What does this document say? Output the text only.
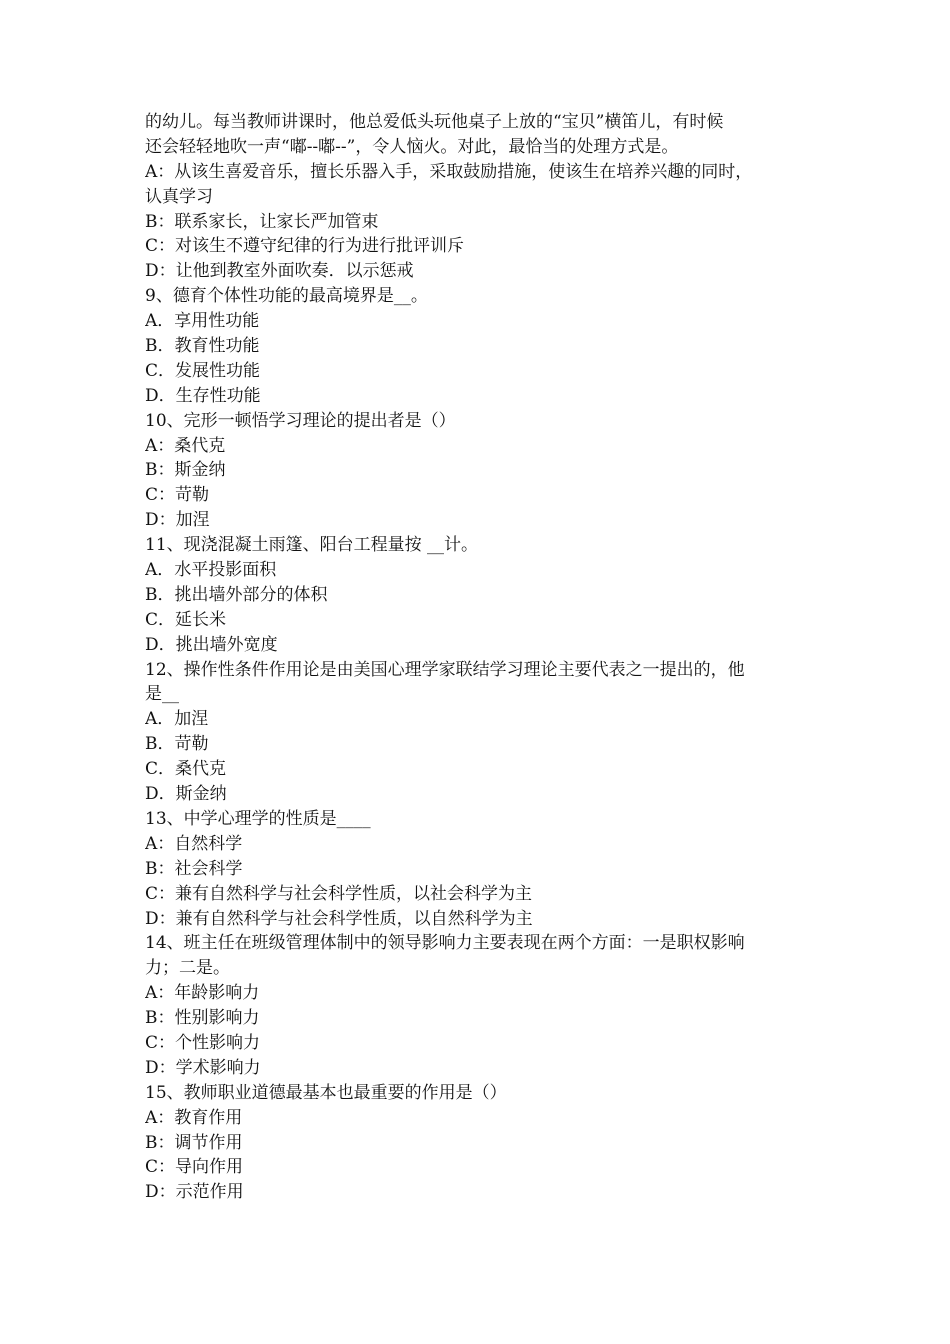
的幼儿。每当教师讲课时，他总爱低头玩他桌子上放的“宝贝”横笛儿，有时候
还会轻轻地吹一声“嘟--嘟--”，令人恼火。对此，最恰当的处理方式是。
A：从该生喜爱音乐，擅长乐器入手，采取鼓励措施，使该生在培养兴趣的同时，
认真学习
B：联系家长，让家长严加管束
C：对该生不遵守纪律的行为进行批评训斥
D：让他到教室外面吹奏．以示惩戒
9、德育个体性功能的最高境界是__。
A．享用性功能
B．教育性功能
C．发展性功能
D．生存性功能
10、完形一顿悟学习理论的提出者是（）
A：桑代克
B：斯金纳
C：苛勒
D：加涅
11、现浇混凝土雨篷、阳台工程量按 __计。
A．水平投影面积
B．挑出墙外部分的体积
C．延长米
D．挑出墙外宽度
12、操作性条件作用论是由美国心理学家联结学习理论主要代表之一提出的，他
是__
A．加涅
B．苛勒
C．桑代克
D．斯金纳
13、中学心理学的性质是____
A：自然科学
B：社会科学
C：兼有自然科学与社会科学性质，以社会科学为主
D：兼有自然科学与社会科学性质，以自然科学为主
14、班主任在班级管理体制中的领导影响力主要表现在两个方面：一是职权影响
力；二是。
A：年龄影响力
B：性别影响力
C：个性影响力
D：学术影响力
15、教师职业道德最基本也最重要的作用是（）
A：教育作用
B：调节作用
C：导向作用
D：示范作用
